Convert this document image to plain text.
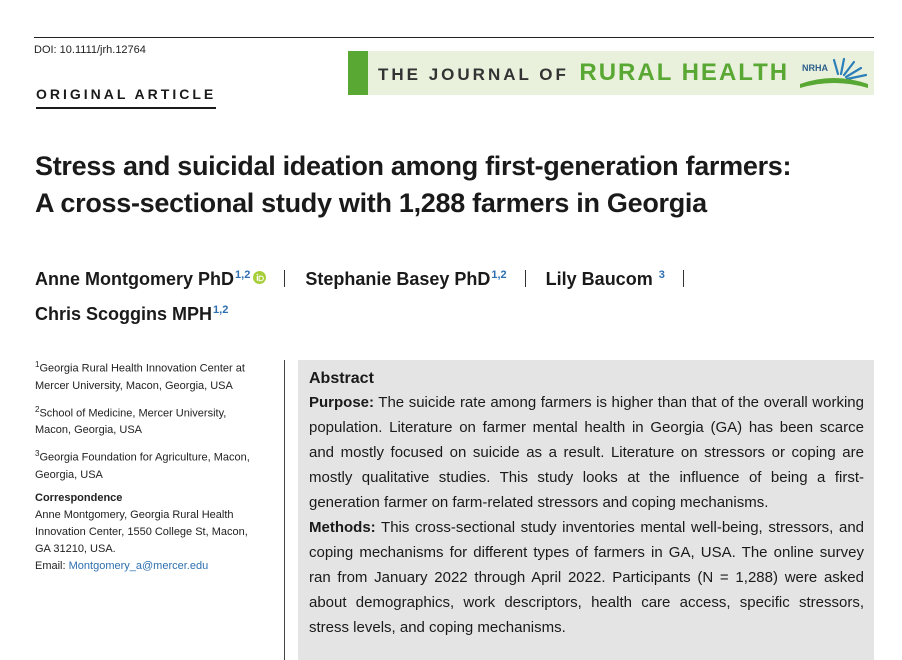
DOI: 10.1111/jrh.12764
ORIGINAL ARTICLE
THE JOURNAL OF RURAL HEALTH NRHA
Stress and suicidal ideation among first-generation farmers:
A cross-sectional study with 1,288 farmers in Georgia
Anne Montgomery PhD$^{1,2}$	Stephanie Basey PhD$^{1,2}$ Lily Baucom $^3$
Chris Scoggins MPH$^{1,2}$

$^1$Georgia Rural Health Innovation Center at
Mercer University, Macon, Georgia, USA

$^2$School of Medicine, Mercer University,
Macon, Georgia, USA

$^3$Georgia Foundation for Agriculture, Macon,
Georgia, USA

Correspondence

Anne Montgomery, Georgia Rural Health
Innovation Center, 1550 College St, Macon,
GA 31210, USA.
Email: Montgomery_a@mercer.edu

Abstract

Purpose: The suicide rate among farmers is higher than that of the overall working population. Literature on farmer mental health in Georgia (GA) has been scarce and mostly focused on suicide as a result. Literature on stressors or coping are mostly qualitative studies. This study looks at the influence of being a first-generation farmer on farm-related stressors and coping mechanisms.

Methods: This cross-sectional study inventories mental well-being, stressors, and coping mechanisms for different types of farmers in GA, USA. The online survey ran from January 2022 through April 2022. Participants (N = 1,288) were asked about demographics, work descriptors, health care access, specific stressors, stress levels, and coping mechanisms.
